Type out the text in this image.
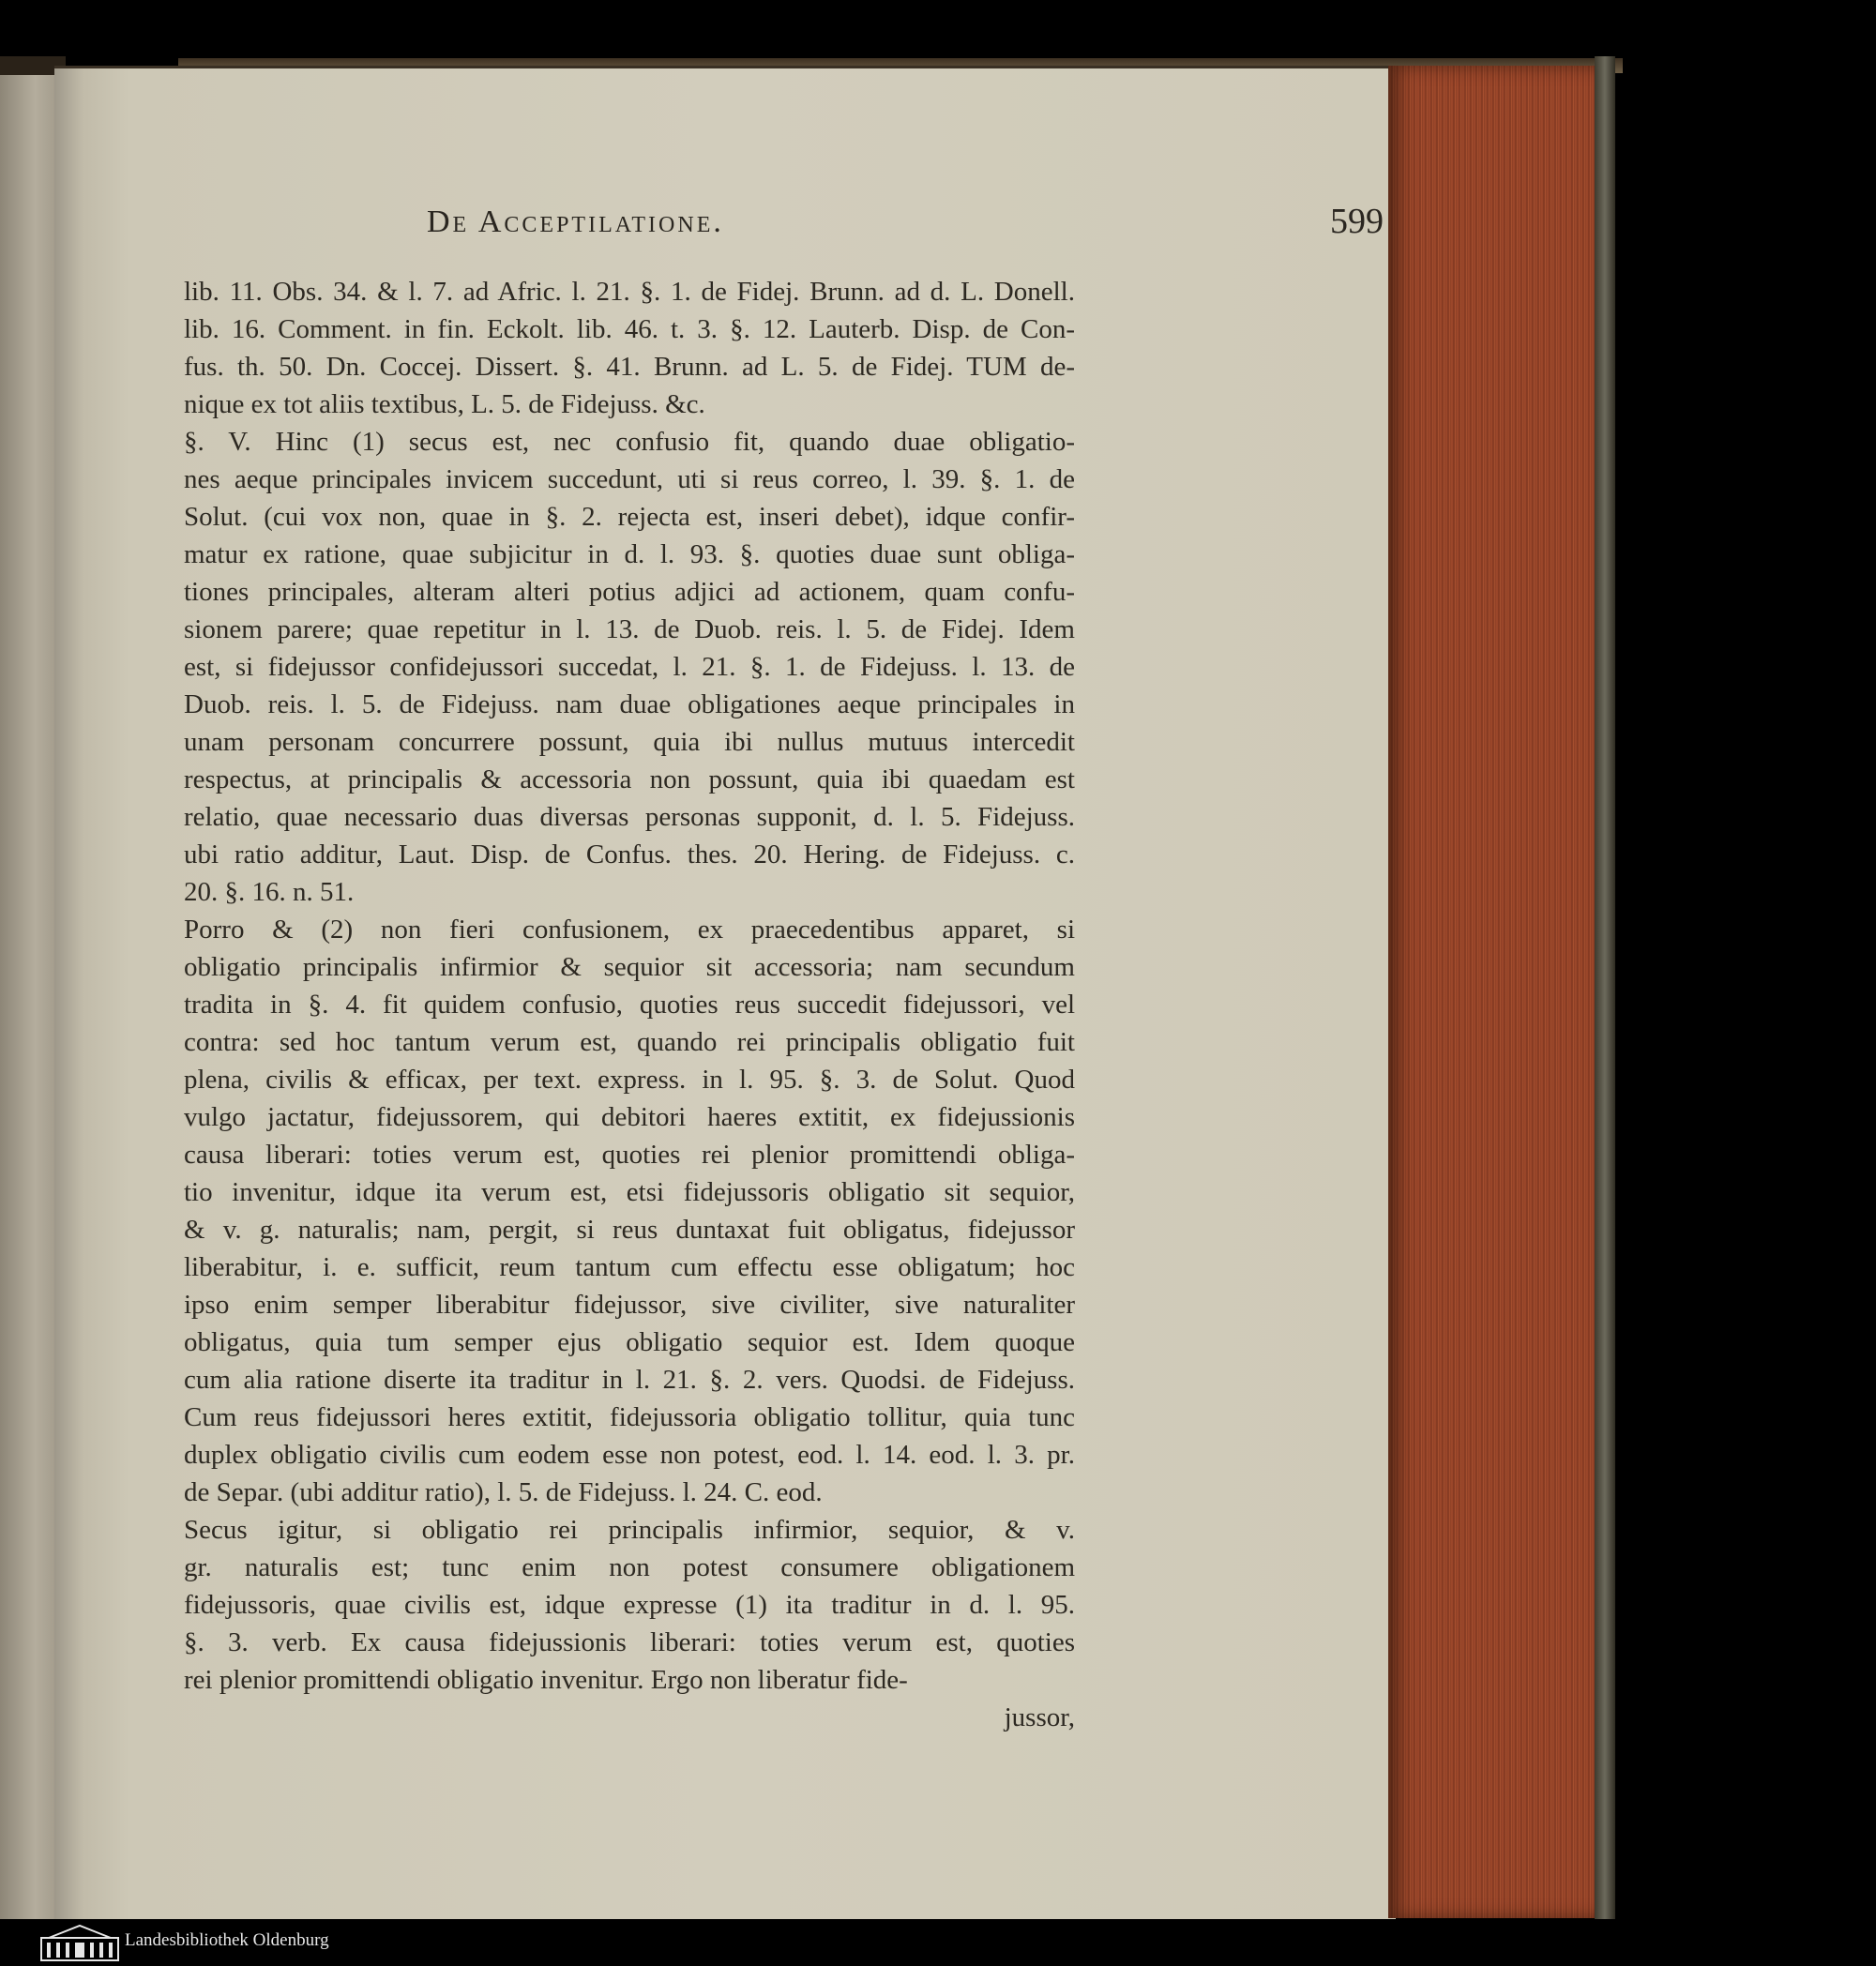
De Acceptilatione.	599
lib. 11. Obs. 34. & l. 7. ad Afric. l. 21. §. 1. de Fidej. Brunn. ad d. L. Donell.
lib. 16. Comment. in fin. Eckolt. lib. 46. t. 3. §. 12. Lauterb. Disp. de Con-
fus. th. 50. Dn. Coccej. Dissert. §. 41. Brunn. ad L. 5. de Fidej. TUM de-
nique ex tot aliis textibus, L. 5. de Fidejuss. &c.
§. V. Hinc (1) secus est, nec confusio fit, quando duae obligatio-
nes aeque principales invicem succedunt, uti si reus correo, l. 39. §. 1. de
Solut. (cui vox non, quae in §. 2. rejecta est, inseri debet), idque confir-
matur ex ratione, quae subjicitur in d. l. 93. §. quoties duae sunt obliga-
tiones principales, alteram alteri potius adjici ad actionem, quam confu-
sionem parere; quae repetitur in l. 13. de Duob. reis. l. 5. de Fidej. Idem
est, si fidejussor confidejussori succedat, l. 21. §. 1. de Fidejuss. l. 13. de
Duob. reis. l. 5. de Fidejuss. nam duae obligationes aeque principales in
unam personam concurrere possunt, quia ibi nullus mutuus intercedit
respectus, at principalis & accessoria non possunt, quia ibi quaedam est
relatio, quae necessario duas diversas personas supponit, d. l. 5. Fidejuss.
ubi ratio additur, Laut. Disp. de Confus. thes. 20. Hering. de Fidejuss. c.
20. §. 16. n. 51.
Porro & (2) non fieri confusionem, ex praecedentibus apparet, si
obligatio principalis infirmior & sequior sit accessoria; nam secundum
tradita in §. 4. fit quidem confusio, quoties reus succedit fidejussori, vel
contra: sed hoc tantum verum est, quando rei principalis obligatio fuit
plena, civilis & efficax, per text. express. in l. 95. §. 3. de Solut. Quod
vulgo jactatur, fidejussorem, qui debitori haeres extitit, ex fidejussionis
causa liberari: toties verum est, quoties rei plenior promittendi obliga-
tio invenitur, idque ita verum est, etsi fidejussoris obligatio sit sequior,
& v. g. naturalis; nam, pergit, si reus duntaxat fuit obligatus, fidejussor
liberabitur, i. e. sufficit, reum tantum cum effectu esse obligatum; hoc
ipso enim semper liberabitur fidejussor, sive civiliter, sive naturaliter
obligatus, quia tum semper ejus obligatio sequior est. Idem quoque
cum alia ratione diserte ita traditur in l. 21. §. 2. vers. Quodsi. de Fidejuss.
Cum reus fidejussori heres extitit, fidejussoria obligatio tollitur, quia tunc
duplex obligatio civilis cum eodem esse non potest, eod. l. 14. eod. l. 3. pr.
de Separ. (ubi additur ratio), l. 5. de Fidejuss. l. 24. C. eod.
Secus igitur, si obligatio rei principalis infirmior, sequior, & v.
gr. naturalis est; tunc enim non potest consumere obligationem
fidejussoris, quae civilis est, idque expresse (1) ita traditur in d. l. 95.
§. 3. verb. Ex causa fidejussionis liberari: toties verum est, quoties
rei plenior promittendi obligatio invenitur. Ergo non liberatur fide-
jussor,
Landesbibliothek Oldenburg
